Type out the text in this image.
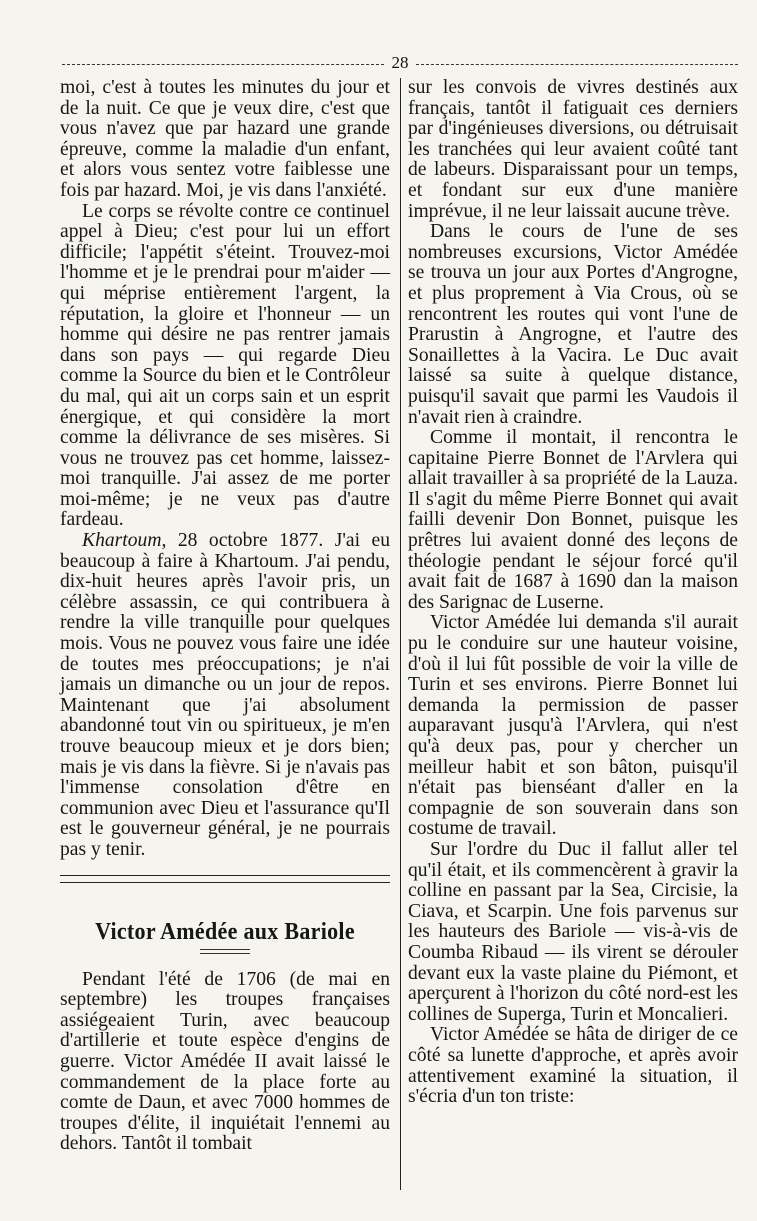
28

moi, c'est à toutes les minutes du jour et de la nuit. Ce que je veux dire, c'est que vous n'avez que par hazard une grande épreuve, comme la maladie d'un enfant, et alors vous sentez votre faiblesse une fois par hazard. Moi, je vis dans l'anxiété.

Le corps se révolte contre ce continuel appel à Dieu; c'est pour lui un effort difficile; l'appétit s'éteint. Trouvez-moi l'homme et je le prendrai pour m'aider — qui méprise entièrement l'argent, la réputation, la gloire et l'honneur — un homme qui désire ne pas rentrer jamais dans son pays — qui regarde Dieu comme la Source du bien et le Contrôleur du mal, qui ait un corps sain et un esprit énergique, et qui considère la mort comme la délivrance de ses misères. Si vous ne trouvez pas cet homme, laissez-moi tranquille. J'ai assez de me porter moi-même; je ne veux pas d'autre fardeau.

Khartoum, 28 octobre 1877. J'ai eu beaucoup à faire à Khartoum. J'ai pendu, dix-huit heures après l'avoir pris, un célèbre assassin, ce qui contribuera à rendre la ville tranquille pour quelques mois. Vous ne pouvez vous faire une idée de toutes mes préoccupations; je n'ai jamais un dimanche ou un jour de repos. Maintenant que j'ai absolument abandonné tout vin ou spiritueux, je m'en trouve beaucoup mieux et je dors bien; mais je vis dans la fièvre. Si je n'avais pas l'immense consolation d'être en communion avec Dieu et l'assurance qu'Il est le gouverneur général, je ne pourrais pas y tenir.

Victor Amédée aux Bariole

Pendant l'été de 1706 (de mai en septembre) les troupes françaises assiégeaient Turin, avec beaucoup d'artillerie et toute espèce d'engins de guerre. Victor Amédée II avait laissé le commandement de la place forte au comte de Daun, et avec 7000 hommes de troupes d'élite, il inquiétait l'ennemi au dehors. Tantôt il tombait

sur les convois de vivres destinés aux français, tantôt il fatiguait ces derniers par d'ingénieuses diversions, ou détruisait les tranchées qui leur avaient coûté tant de labeurs. Disparaissant pour un temps, et fondant sur eux d'une manière imprévue, il ne leur laissait aucune trève.

Dans le cours de l'une de ses nombreuses excursions, Victor Amédée se trouva un jour aux Portes d'Angrogne, et plus proprement à Via Crous, où se rencontrent les routes qui vont l'une de Prarustin à Angrogne, et l'autre des Sonaillettes à la Vacira. Le Duc avait laissé sa suite à quelque distance, puisqu'il savait que parmi les Vaudois il n'avait rien à craindre.

Comme il montait, il rencontra le capitaine Pierre Bonnet de l'Arvlera qui allait travailler à sa propriété de la Lauza. Il s'agit du même Pierre Bonnet qui avait failli devenir Don Bonnet, puisque les prêtres lui avaient donné des leçons de théologie pendant le séjour forcé qu'il avait fait de 1687 à 1690 dan la maison des Sarignac de Luserne.

Victor Amédée lui demanda s'il aurait pu le conduire sur une hauteur voisine, d'où il lui fût possible de voir la ville de Turin et ses environs. Pierre Bonnet lui demanda la permission de passer auparavant jusqu'à l'Arvlera, qui n'est qu'à deux pas, pour y chercher un meilleur habit et son bâton, puisqu'il n'était pas bienséant d'aller en la compagnie de son souverain dans son costume de travail.

Sur l'ordre du Duc il fallut aller tel qu'il était, et ils commencèrent à gravir la colline en passant par la Sea, Circisie, la Ciava, et Scarpin. Une fois parvenus sur les hauteurs des Bariole — vis-à-vis de Coumba Ribaud — ils virent se dérouler devant eux la vaste plaine du Piémont, et aperçurent à l'horizon du côté nord-est les collines de Superga, Turin et Moncalieri.

Victor Amédée se hâta de diriger de ce côté sa lunette d'approche, et après avoir attentivement examiné la situation, il s'écria d'un ton triste:
